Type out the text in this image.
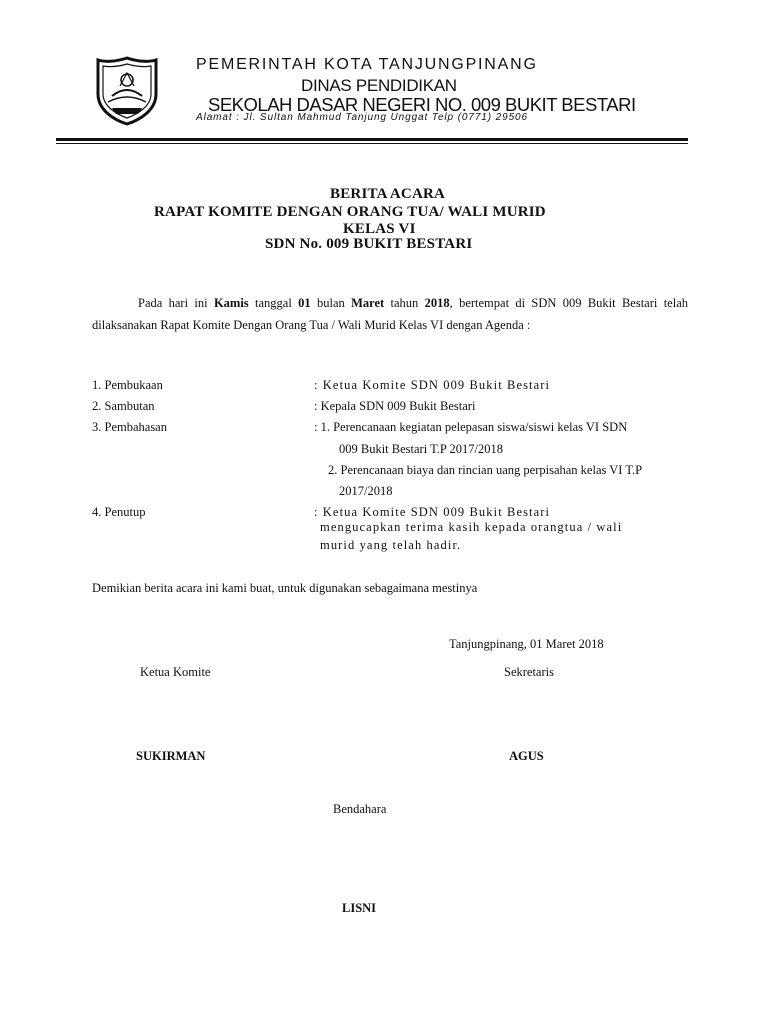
PEMERINTAH KOTA TANJUNGPINANG
DINAS PENDIDIKAN
SEKOLAH DASAR NEGERI NO. 009 BUKIT BESTARI
Alamat : Jl. Sultan Mahmud Tanjung Unggat Telp (0771) 29506
BERITA ACARA
RAPAT KOMITE DENGAN ORANG TUA/ WALI MURID
KELAS VI
SDN No. 009 BUKIT BESTARI
Pada hari ini Kamis tanggal 01 bulan Maret tahun 2018, bertempat di SDN 009 Bukit Bestari telah dilaksanakan Rapat Komite Dengan Orang Tua / Wali Murid Kelas VI dengan Agenda :
1. Pembukaan	: Ketua Komite SDN 009 Bukit Bestari
2. Sambutan	: Kepala SDN 009 Bukit Bestari
3. Pembahasan	: 1. Perencanaan kegiatan pelepasan siswa/siswi kelas VI SDN
009 Bukit Bestari T.P 2017/2018
2. Perencanaan biaya dan rincian uang perpisahan kelas VI T.P
2017/2018
4. Penutup	: Ketua Komite SDN 009 Bukit Bestari
mengucapkan terima kasih kepada orangtua / wali
murid yang telah hadir.
Demikian berita acara ini kami buat, untuk digunakan sebagaimana mestinya
Tanjungpinang, 01 Maret 2018
Ketua Komite	Sekretaris
SUKIRMAN	AGUS
Bendahara
LISNI
